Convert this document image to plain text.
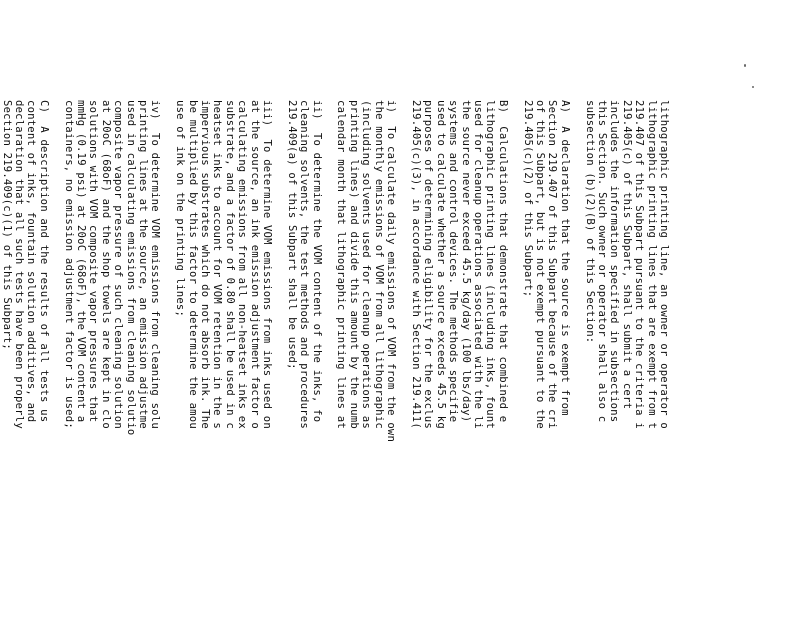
lithographic printing line, an owner or operator o
lithographic printing lines that are exempt from t
219.407 of this Subpart pursuant to the criteria i
219.405(c) of this Subpart, shall submit a cert
includes the information specified in subsections
this Section. Such owner or operator shall also c
subsection (b)(2)(B) of this Section:
A)  A declaration that the source is exempt from
Section 219.407 of this Subpart because of the cri
of this Subpart, but is not exempt pursuant to the
219.405(c)(2) of this Subpart;
B)  Calculations that demonstrate that combined e
lithographic printing lines (including inks, fount
used for cleanup operations associated with the li
the source never exceed 45.5 kg/day (100 lbs/day)
systems and control devices. The methods specifie
used to calculate whether a source exceeds 45.5 kg
purposes of determining eligibility for the exclus
219.405(c)(3), in accordance with Section 219.411(
i)  To calculate daily emissions of VOM from the own
the monthly emissions of VOM from all lithographic
(including solvents used for cleanup operations as
printing lines) and divide this amount by the numb
calendar month that lithographic printing lines at
ii)  To determine the VOM content of the inks, fo
cleaning solvents, the test methods and procedures
219.409(a) of this Subpart shall be used;
iii)  To determine VOM emissions from inks used on
at the source, an ink emission adjustment factor o
calculating emissions from all non-heatset inks ex
substrate, and a factor of 0.80 shall be used in c
heatset inks to account for VOM retention in the s
impervious substrates which do not absorb ink. The
be multiplied by this factor to determine the amou
use of ink on the printing lines;
iv)  To determine VOM emissions from cleaning solu
printing lines at the source, an emission adjustme
used in calculating emissions from cleaning solutio
composite vapor pressure of such cleaning solution
at 20oC (68oF) and the shop towels are kept in clo
solutions with VOM composite vapor pressures that
mmHg (0.19 psi) at 20oC (68oF), the VOM content a
containers, no emission adjustment factor is used;
C)  A description and the results of all tests us
content of inks, fountain solution additives, and
declaration that all such tests have been properly
Section 219.409(c)(1) of this Subpart;
